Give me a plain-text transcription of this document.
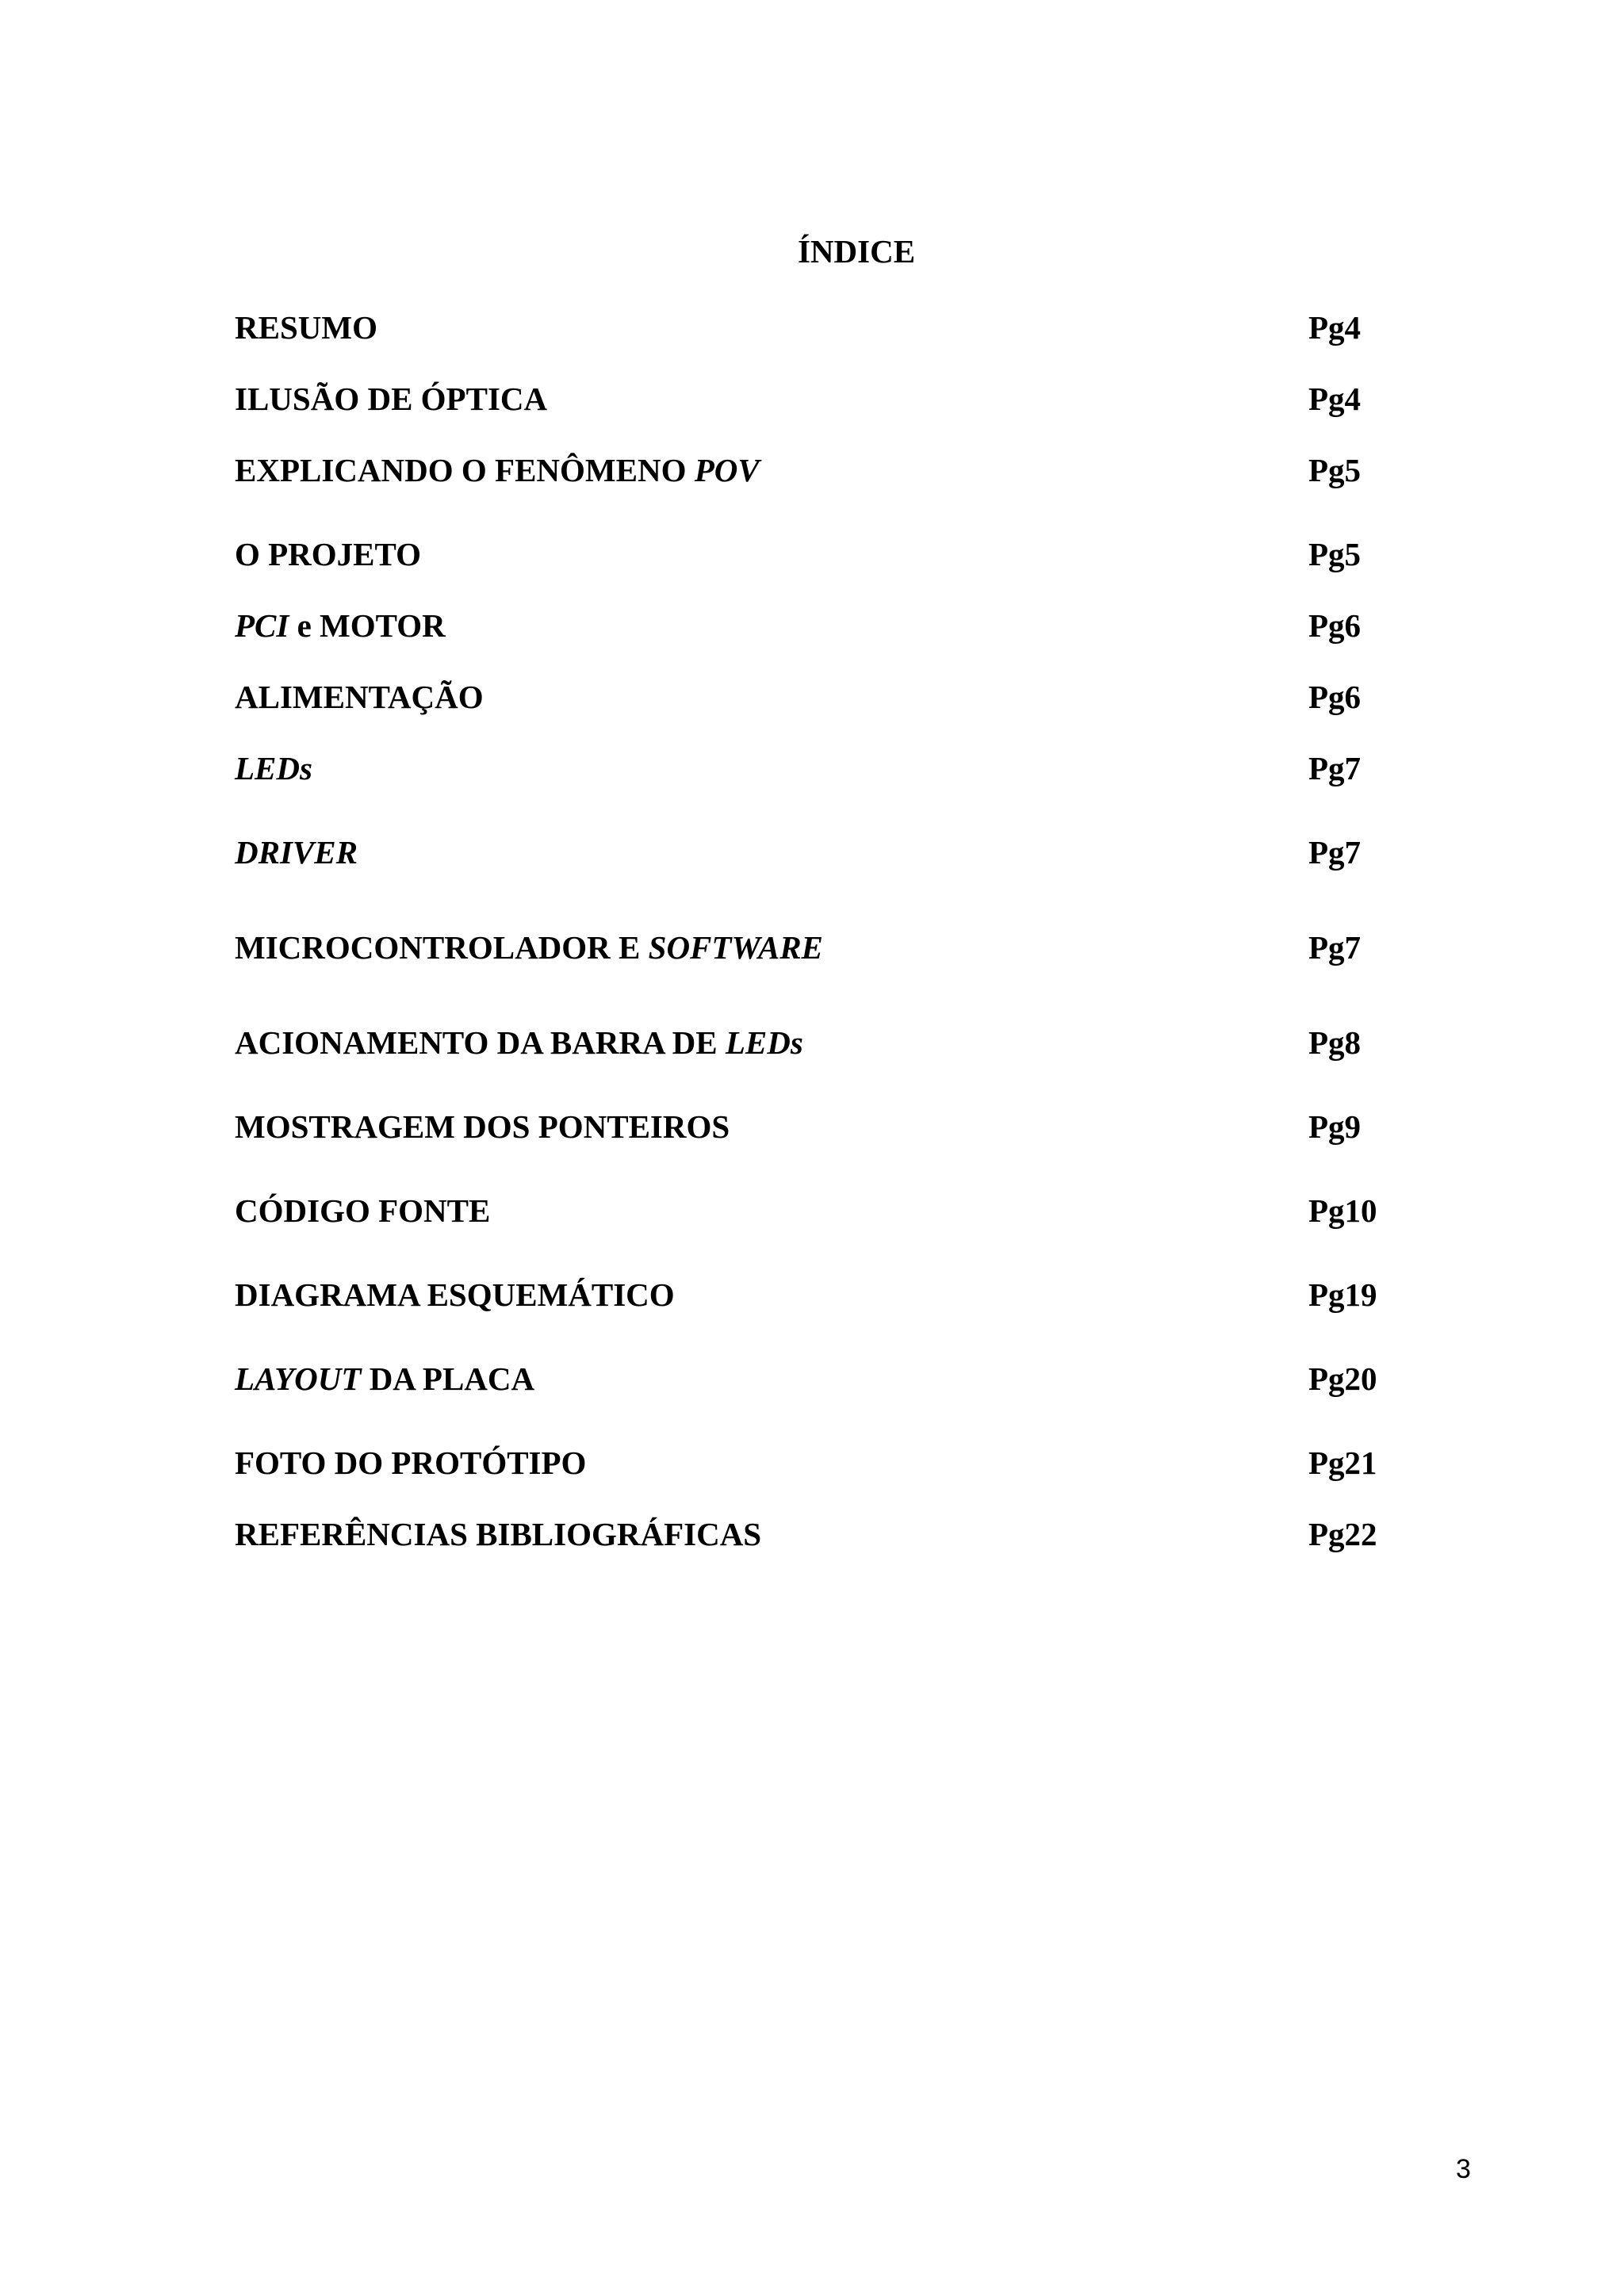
ÍNDICE
RESUMO	Pg4
ILUSÃO DE ÓPTICA	Pg4
EXPLICANDO O FENÔMENO POV	Pg5
O PROJETO	Pg5
PCI e MOTOR	Pg6
ALIMENTAÇÃO	Pg6
LEDs	Pg7
DRIVER	Pg7
MICROCONTROLADOR E SOFTWARE	Pg7
ACIONAMENTO DA BARRA DE LEDs	Pg8
MOSTRAGEM DOS PONTEIROS	Pg9
CÓDIGO FONTE	Pg10
DIAGRAMA ESQUEMÁTICO	Pg19
LAYOUT DA PLACA	Pg20
FOTO DO PROTÓTIPO	Pg21
REFERÊNCIAS BIBLIOGRÁFICAS	Pg22
3
